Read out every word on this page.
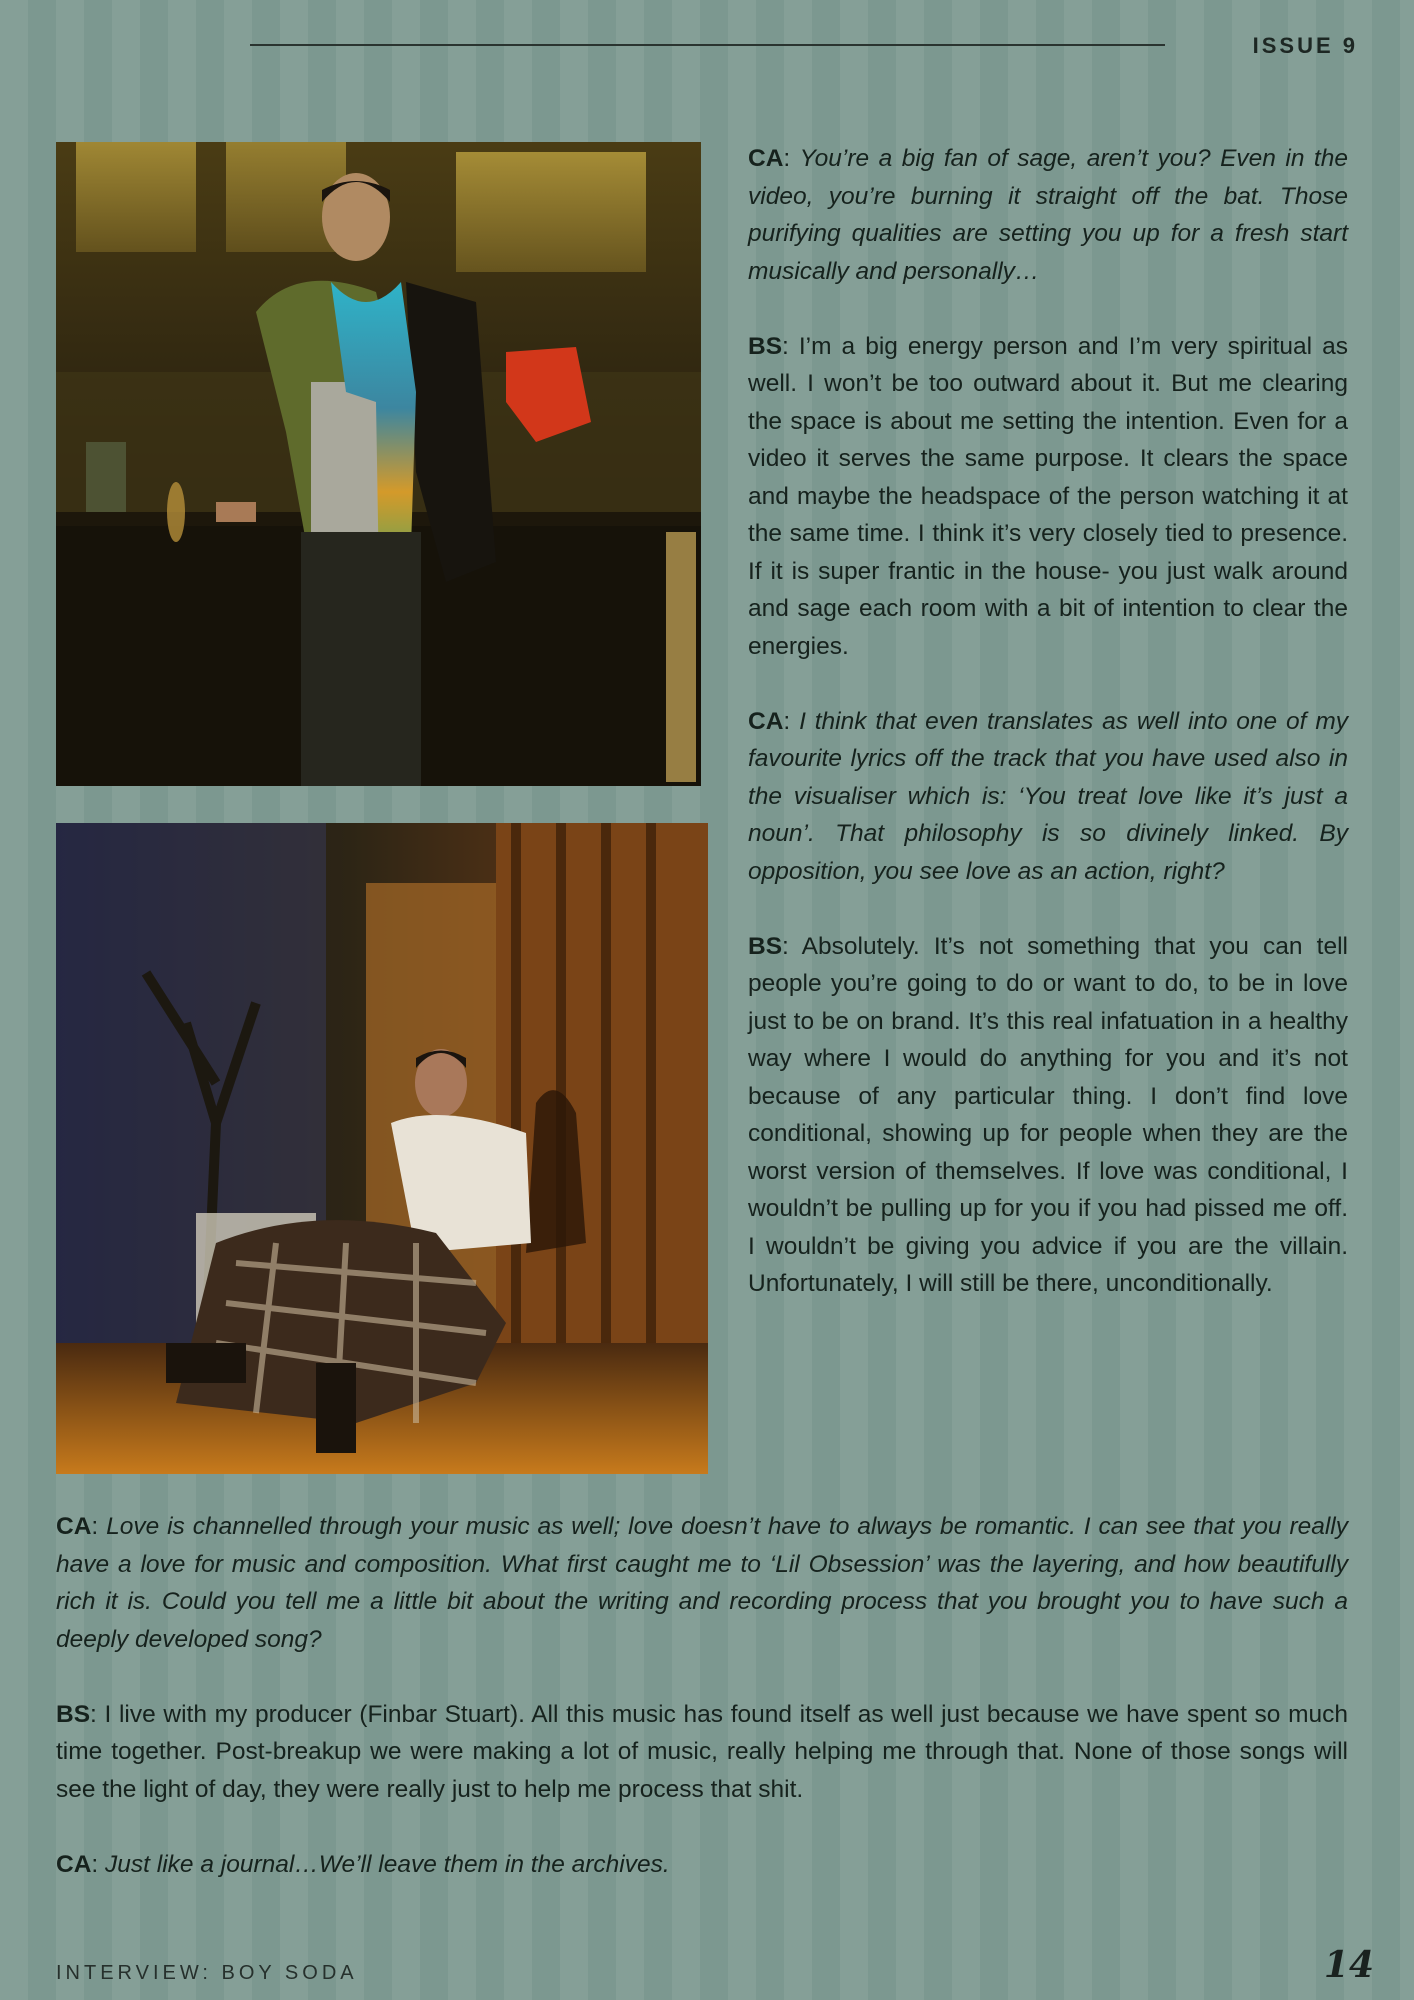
ISSUE 9

CA: You’re a big fan of sage, aren’t you? Even in the video, you’re burning it straight off the bat. Those purifying qualities are setting you up for a fresh start musically and personally…

BS: I’m a big energy person and I’m very spiritual as well. I won’t be too outward about it. But me clearing the space is about me setting the intention. Even for a video it serves the same purpose. It clears the space and maybe the headspace of the person watching it at the same time. I think it’s very closely tied to presence. If it is super frantic in the house- you just walk around and sage each room with a bit of intention to clear the energies.

CA: I think that even translates as well into one of my favourite lyrics off the track that you have used also in the visualiser which is: ‘You treat love like it’s just a noun’. That philosophy is so divinely linked. By opposition, you see love as an action, right?

BS: Absolutely. It’s not something that you can tell people you’re going to do or want to do, to be in love just to be on brand. It’s this real infatuation in a healthy way where I would do anything for you and it’s not because of any particular thing. I don’t find love conditional, showing up for people when they are the worst version of themselves. If love was conditional, I wouldn’t be pulling up for you if you had pissed me off. I wouldn’t be giving you advice if you are the villain. Unfortunately, I will still be there, unconditionally.

CA: Love is channelled through your music as well; love doesn’t have to always be romantic. I can see that you really have a love for music and composition. What first caught me to ‘Lil Obsession’ was the layering, and how beautifully rich it is. Could you tell me a little bit about the writing and recording process that you brought you to have such a deeply developed song?

BS: I live with my producer (Finbar Stuart). All this music has found itself as well just because we have spent so much time together. Post-breakup we were making a lot of music, really helping me through that. None of those songs will see the light of day, they were really just to help me process that shit.

CA: Just like a journal…We’ll leave them in the archives.

INTERVIEW: BOY SODA	14
